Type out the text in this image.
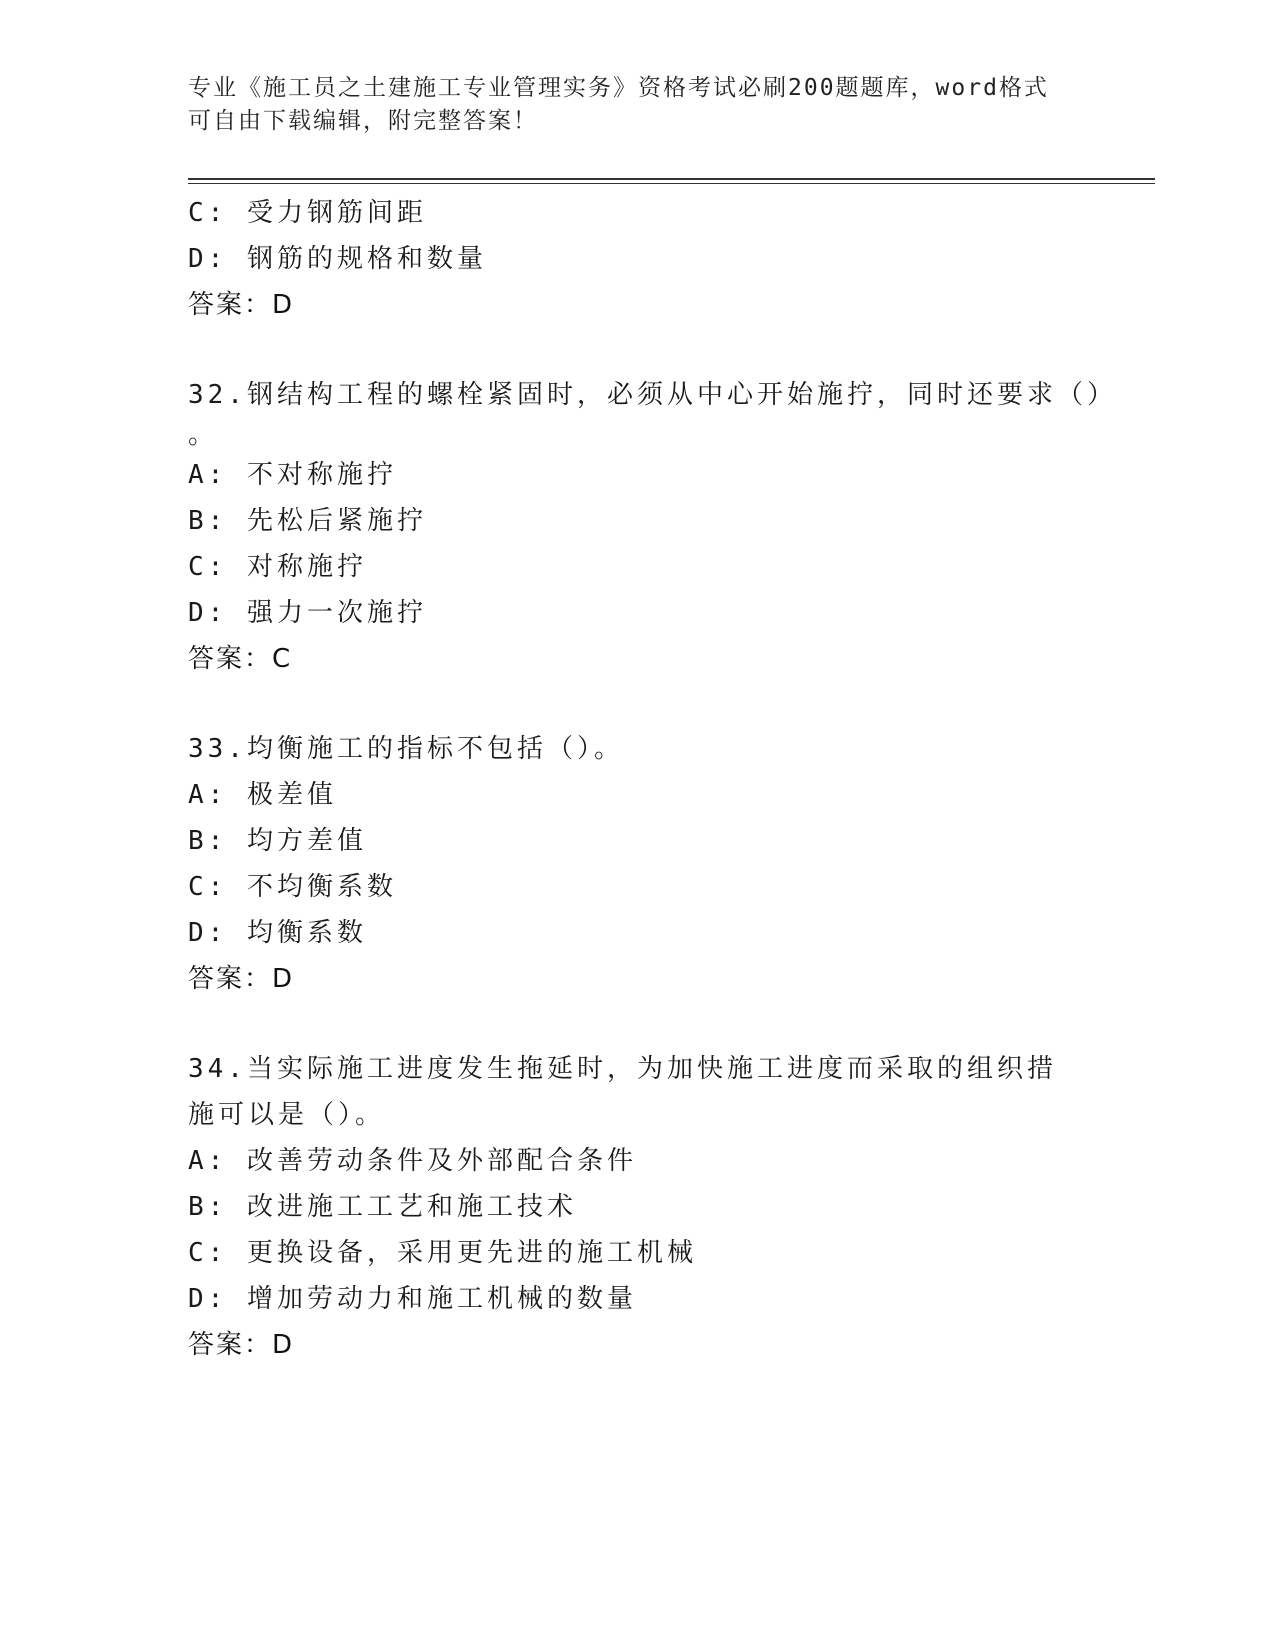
专业《施工员之土建施工专业管理实务》资格考试必刷200题题库，word格式可自由下载编辑，附完整答案！
C: 受力钢筋间距
D: 钢筋的规格和数量
答案：D
32.钢结构工程的螺栓紧固时，必须从中心开始施拧，同时还要求（）
。
A: 不对称施拧
B: 先松后紧施拧
C: 对称施拧
D: 强力一次施拧
答案：C
33.均衡施工的指标不包括（）。
A: 极差值
B: 均方差值
C: 不均衡系数
D: 均衡系数
答案：D
34.当实际施工进度发生拖延时，为加快施工进度而采取的组织措施可以是（）。
A: 改善劳动条件及外部配合条件
B: 改进施工工艺和施工技术
C: 更换设备，采用更先进的施工机械
D: 增加劳动力和施工机械的数量
答案：D
